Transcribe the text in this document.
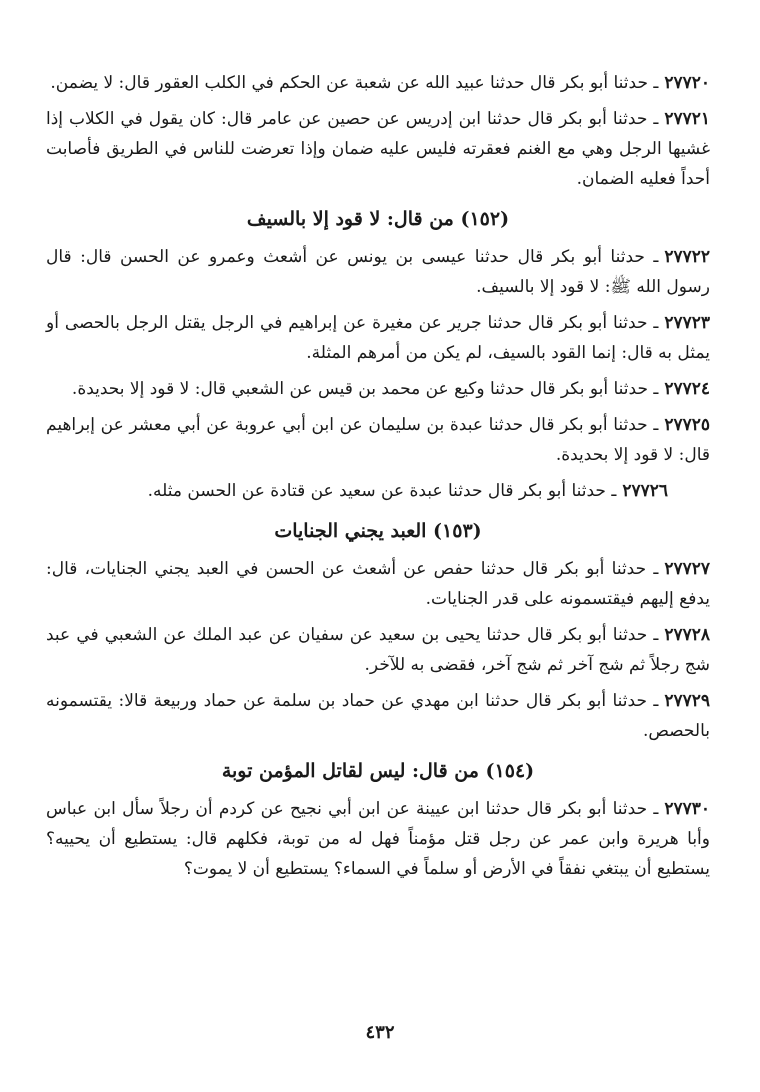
٢٧٧٢٠ـ حدثنا أبو بكر قال حدثنا عبيد الله عن شعبة عن الحكم في الكلب العقور قال: لا يضمن.

٢٧٧٢١ـ حدثنا أبو بكر قال حدثنا ابن إدريس عن حصين عن عامر قال: كان يقول في الكلاب إذا غشيها الرجل وهي مع الغنم فعقرته فليس عليه ضمان وإذا تعرضت للناس في الطريق فأصابت أحداً فعليه الضمان.

(١٥٢) من قال: لا قود إلا بالسيف

٢٧٧٢٢ـ حدثنا أبو بكر قال حدثنا عيسى بن يونس عن أشعث وعمرو عن الحسن قال: قال رسول الله ﷺ: لا قود إلا بالسيف.

٢٧٧٢٣ـ حدثنا أبو بكر قال حدثنا جرير عن مغيرة عن إبراهيم في الرجل يقتل الرجل بالحصى أو يمثل به قال: إنما القود بالسيف، لم يكن من أمرهم المثلة.

٢٧٧٢٤ـ حدثنا أبو بكر قال حدثنا وكيع عن محمد بن قيس عن الشعبي قال: لا قود إلا بحديدة.

٢٧٧٢٥ـ حدثنا أبو بكر قال حدثنا عبدة بن سليمان عن ابن أبي عروبة عن أبي معشر عن إبراهيم قال: لا قود إلا بحديدة.

٢٧٧٢٦ـ حدثنا أبو بكر قال حدثنا عبدة عن سعيد عن قتادة عن الحسن مثله.

(١٥٣) العبد يجني الجنايات

٢٧٧٢٧ـ حدثنا أبو بكر قال حدثنا حفص عن أشعث عن الحسن في العبد يجني الجنايات، قال: يدفع إليهم فيقتسمونه على قدر الجنايات.

٢٧٧٢٨ـ حدثنا أبو بكر قال حدثنا يحيى بن سعيد عن سفيان عن عبد الملك عن الشعبي في عبد شج رجلاً ثم شج آخر ثم شج آخر، فقضى به للآخر.

٢٧٧٢٩ـ حدثنا أبو بكر قال حدثنا ابن مهدي عن حماد بن سلمة عن حماد وربيعة قالا: يقتسمونه بالحصص.

(١٥٤) من قال: ليس لقاتل المؤمن توبة

٢٧٧٣٠ـ حدثنا أبو بكر قال حدثنا ابن عيينة عن ابن أبي نجيح عن كردم أن رجلاً سأل ابن عباس وأبا هريرة وابن عمر عن رجل قتل مؤمناً فهل له من توبة، فكلهم قال: يستطيع أن يحييه؟ يستطيع أن يبتغي نفقاً في الأرض أو سلماً في السماء؟ يستطيع أن لا يموت؟

٤٣٢
